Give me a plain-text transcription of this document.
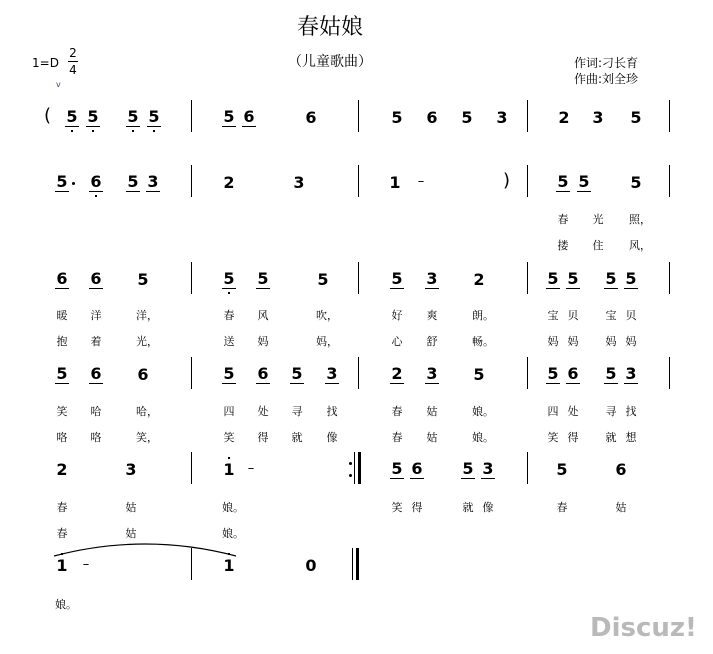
春姑娘
（儿童歌曲）
1=D
2
4
v
作词:刁长育
作曲:刘全珍
5 5 5 5	5 6	6	5 6 5 3	2 3 5
5 6 5 3	2	3	1	5 5	5
6 6 5	5 5	5	5 3 2	5 5 5 5
5 6 6	5 6 5 3	2 3 5	5 6 5 3
2	3	1	5 6 5 3	5	6
1	1	0
–
–
–
(
)
春 光 照，
搂 住 风，
暖 洋	洋，	春 风	吹，	好 爽	朗。	宝 贝 宝 贝
抱 着	光，	送 妈	妈，	心 舒	畅。	妈 妈 妈 妈
笑 哈	哈，	四 处 寻 找	春 姑	娘。	四 处 寻 找
咯 咯	笑，	笑 得 就 像	春 姑	娘。	笑 得 就 想
春	姑	娘。	笑 得	就 像	春	姑
春	姑	娘。
娘。
Discuz!
